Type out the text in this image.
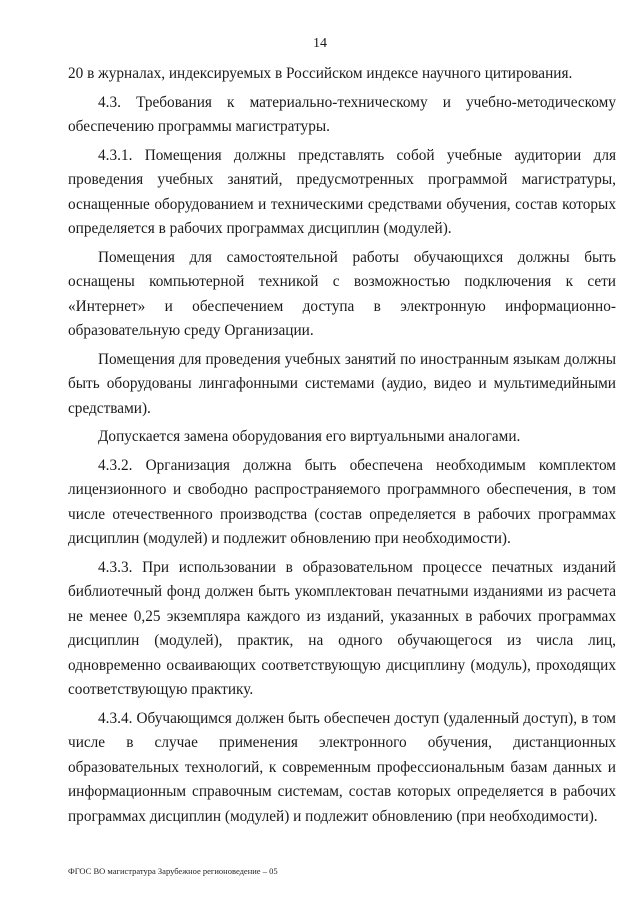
14

20 в журналах, индексируемых в Российском индексе научного цитирования.

4.3. Требования к материально-техническому и учебно-методическому обеспечению программы магистратуры.

4.3.1. Помещения должны представлять собой учебные аудитории для проведения учебных занятий, предусмотренных программой магистратуры, оснащенные оборудованием и техническими средствами обучения, состав которых определяется в рабочих программах дисциплин (модулей).

Помещения для самостоятельной работы обучающихся должны быть оснащены компьютерной техникой с возможностью подключения к сети «Интернет» и обеспечением доступа в электронную информационно-образовательную среду Организации.

Помещения для проведения учебных занятий по иностранным языкам должны быть оборудованы лингафонными системами (аудио, видео и мультимедийными средствами).

Допускается замена оборудования его виртуальными аналогами.

4.3.2. Организация должна быть обеспечена необходимым комплектом лицензионного и свободно распространяемого программного обеспечения, в том числе отечественного производства (состав определяется в рабочих программах дисциплин (модулей) и подлежит обновлению при необходимости).

4.3.3. При использовании в образовательном процессе печатных изданий библиотечный фонд должен быть укомплектован печатными изданиями из расчета не менее 0,25 экземпляра каждого из изданий, указанных в рабочих программах дисциплин (модулей), практик, на одного обучающегося из числа лиц, одновременно осваивающих соответствующую дисциплину (модуль), проходящих соответствующую практику.

4.3.4. Обучающимся должен быть обеспечен доступ (удаленный доступ), в том числе в случае применения электронного обучения, дистанционных образовательных технологий, к современным профессиональным базам данных и информационным справочным системам, состав которых определяется в рабочих программах дисциплин (модулей) и подлежит обновлению (при необходимости).

ФГОС ВО магистратура Зарубежное регионоведение – 05
